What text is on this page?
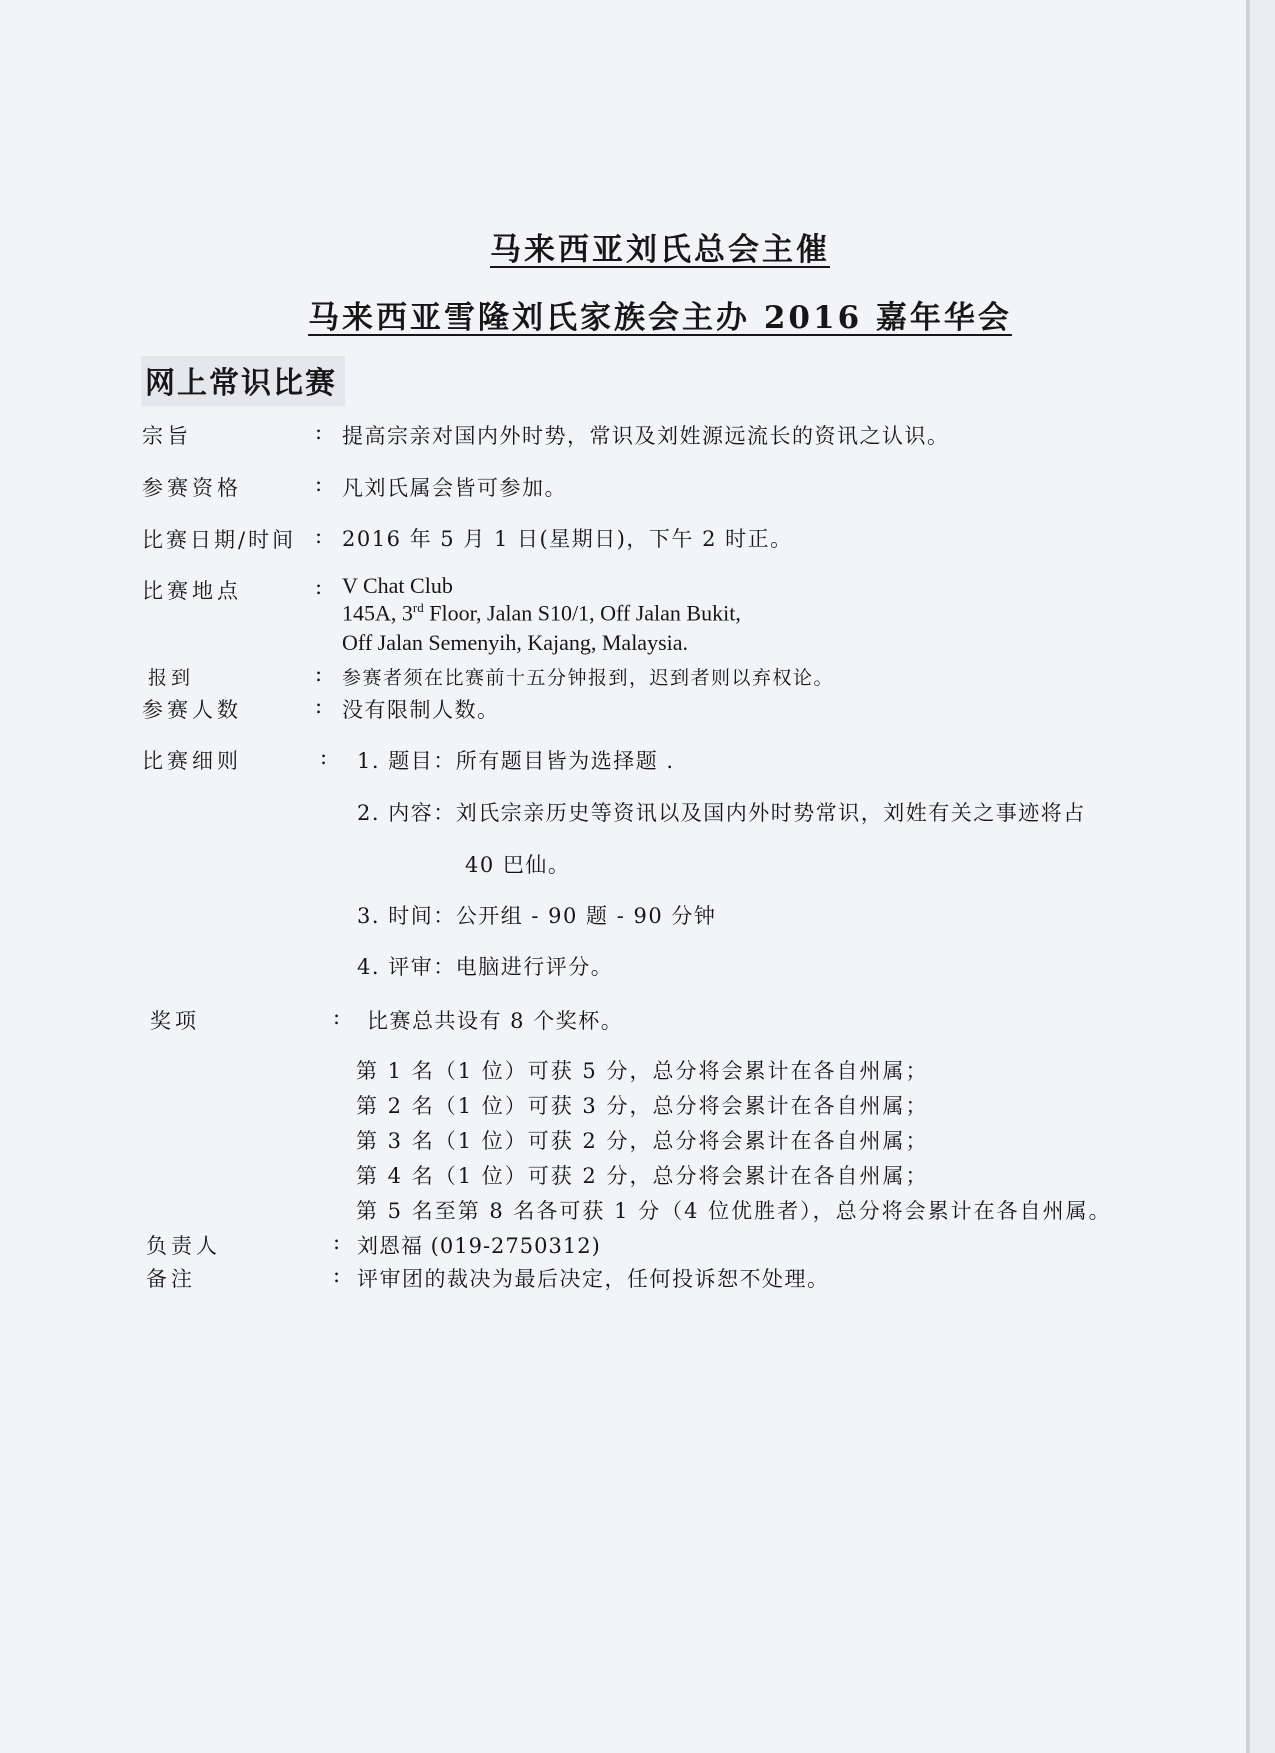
马来西亚刘氏总会主催
马来西亚雪隆刘氏家族会主办 2016 嘉年华会
网上常识比赛
宗旨	: 提高宗亲对国内外时势，常识及刘姓源远流长的资讯之认识。
参赛资格	: 凡刘氏属会皆可参加。
比赛日期/时间 : 2016 年 5 月 1 日(星期日)，下午 2 时正。
比赛地点	: V Chat Club
145A, 3rd Floor, Jalan S10/1, Off Jalan Bukit,
Off Jalan Semenyih, Kajang, Malaysia.
报到	: 参赛者须在比赛前十五分钟报到，迟到者则以弃权论。
参赛人数	: 没有限制人数。
比赛细则	: 1. 题目：所有题目皆为选择题 .
2. 内容：刘氏宗亲历史等资讯以及国内外时势常识，刘姓有关之事迹将占
40 巴仙。
3. 时间：公开组 - 90 题 - 90 分钟
4. 评审：电脑进行评分。
奖项	: 比赛总共设有 8 个奖杯。
第 1 名（1 位）可获 5 分，总分将会累计在各自州属；
第 2 名（1 位）可获 3 分，总分将会累计在各自州属；
第 3 名（1 位）可获 2 分，总分将会累计在各自州属；
第 4 名（1 位）可获 2 分，总分将会累计在各自州属；
第 5 名至第 8 名各可获 1 分（4 位优胜者），总分将会累计在各自州属。
负责人	: 刘恩福 (019-2750312)
备注	: 评审团的裁决为最后决定，任何投诉恕不处理。
